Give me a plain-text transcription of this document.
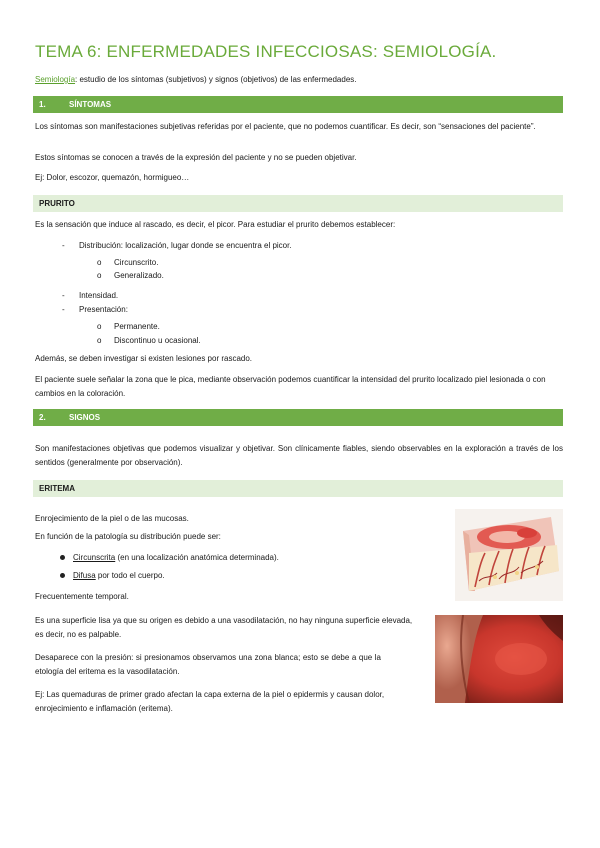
TEMA 6: ENFERMEDADES INFECCIOSAS: SEMIOLOGÍA.
Semiología: estudio de los síntomas (subjetivos) y signos (objetivos) de las enfermedades.
1.	SÍNTOMAS
Los síntomas son manifestaciones subjetivas referidas por el paciente, que no podemos cuantificar. Es decir, son “sensaciones del paciente”.
Estos síntomas se conocen a través de la expresión del paciente y no se pueden objetivar.
Ej: Dolor, escozor, quemazón, hormigueo…
PRURITO
Es la sensación que induce al rascado, es decir, el picor. Para estudiar el prurito debemos establecer:
- Distribución: localización, lugar donde se encuentra el picor.
o Circunscrito.
o Generalizado.
- Intensidad.
- Presentación:
o Permanente.
o Discontinuo u ocasional.
Además, se deben investigar si existen lesiones por rascado.
El paciente suele señalar la zona que le pica, mediante observación podemos cuantificar la intensidad del prurito localizado piel lesionada o con cambios en la coloración.
2.	SIGNOS
Son manifestaciones objetivas que podemos visualizar y objetivar. Son clínicamente fiables, siendo observables en la exploración a través de los sentidos (generalmente por observación).
ERITEMA
Enrojecimiento de la piel o de las mucosas.
En función de la patología su distribución puede ser:
Circunscrita (en una localización anatómica determinada).
Difusa por todo el cuerpo.
Frecuentemente temporal.
Es una superficie lisa ya que su origen es debido a una vasodilatación, no hay ninguna superficie elevada, es decir, no es palpable.
Desaparece con la presión: si presionamos observamos una zona blanca; esto se debe a que la etología del eritema es la vasodilatación.
Ej: Las quemaduras de primer grado afectan la capa externa de la piel o epidermis y causan dolor, enrojecimiento e inflamación (eritema).
